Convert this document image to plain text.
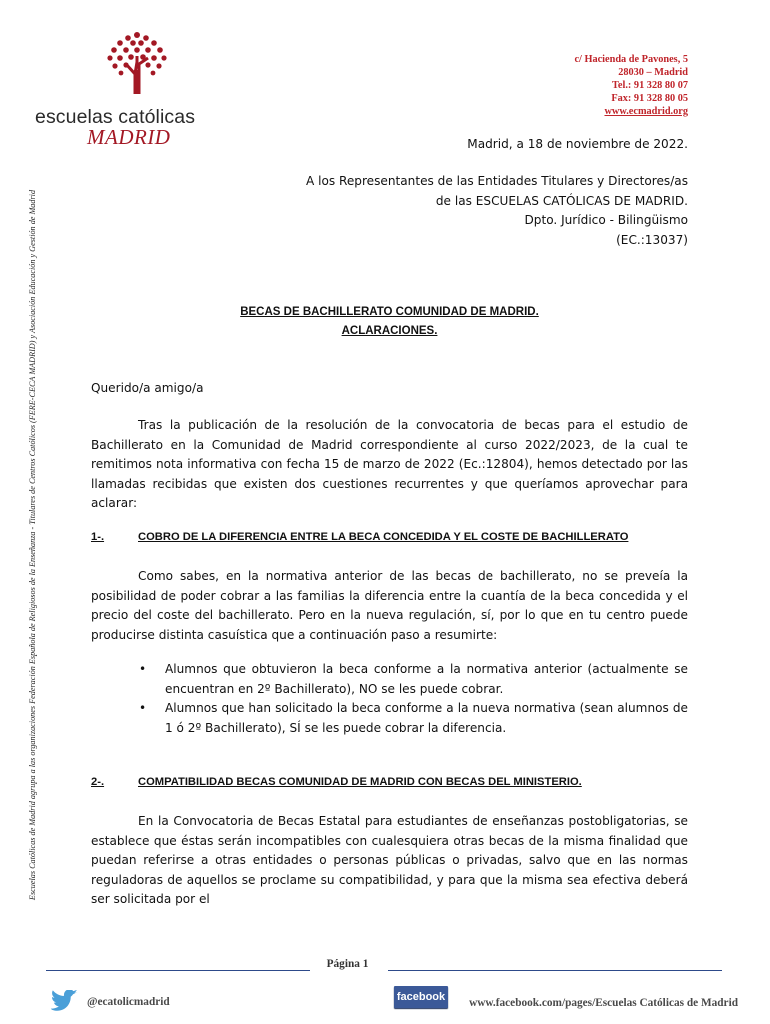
escuelas católicas
MADRID
c/ Hacienda de Pavones, 5
28030 – Madrid
Tel.: 91 328 80 07
Fax: 91 328 80 05
www.ecmadrid.org
Escuelas Católicas de Madrid agrupa a las organizaciones Federación Española de Religiosos de la Enseñanza - Titulares de Centros Católicos (FERE-CECA MADRID) y Asociación Educación y Gestión de Madrid
Madrid, a 18 de noviembre de 2022.
A los Representantes de las Entidades Titulares y Directores/as
de las ESCUELAS CATÓLICAS DE MADRID.
Dpto. Jurídico - Bilingüismo
(EC.:13037)
BECAS DE BACHILLERATO COMUNIDAD DE MADRID.
ACLARACIONES.
Querido/a amigo/a

Tras la publicación de la resolución de la convocatoria de becas para el estudio de Bachillerato en la Comunidad de Madrid correspondiente al curso 2022/2023, de la cual te remitimos nota informativa con fecha 15 de marzo de 2022 (Ec.:12804), hemos detectado por las llamadas recibidas que existen dos cuestiones recurrentes y que queríamos aprovechar para aclarar:

1-.	COBRO DE LA DIFERENCIA ENTRE LA BECA CONCEDIDA Y EL COSTE DE BACHILLERATO

Como sabes, en la normativa anterior de las becas de bachillerato, no se preveía la posibilidad de poder cobrar a las familias la diferencia entre la cuantía de la beca concedida y el precio del coste del bachillerato. Pero en la nueva regulación, sí, por lo que en tu centro puede producirse distinta casuística que a continuación paso a resumirte:

• Alumnos que obtuvieron la beca conforme a la normativa anterior (actualmente se encuentran en 2º Bachillerato), NO se les puede cobrar.
• Alumnos que han solicitado la beca conforme a la nueva normativa (sean alumnos de 1 ó 2º Bachillerato), SÍ se les puede cobrar la diferencia.
2-.	COMPATIBILIDAD BECAS COMUNIDAD DE MADRID CON BECAS DEL MINISTERIO.

En la Convocatoria de Becas Estatal para estudiantes de enseñanzas postobligatorias, se establece que éstas serán incompatibles con cualesquiera otras becas de la misma finalidad que puedan referirse a otras entidades o personas públicas o privadas, salvo que en las normas reguladoras de aquellos se proclame su compatibilidad, y para que la misma sea efectiva deberá ser solicitada por el

Página 1
@ecatolicmadrid	facebook www.facebook.com/pages/Escuelas Católicas de Madrid
